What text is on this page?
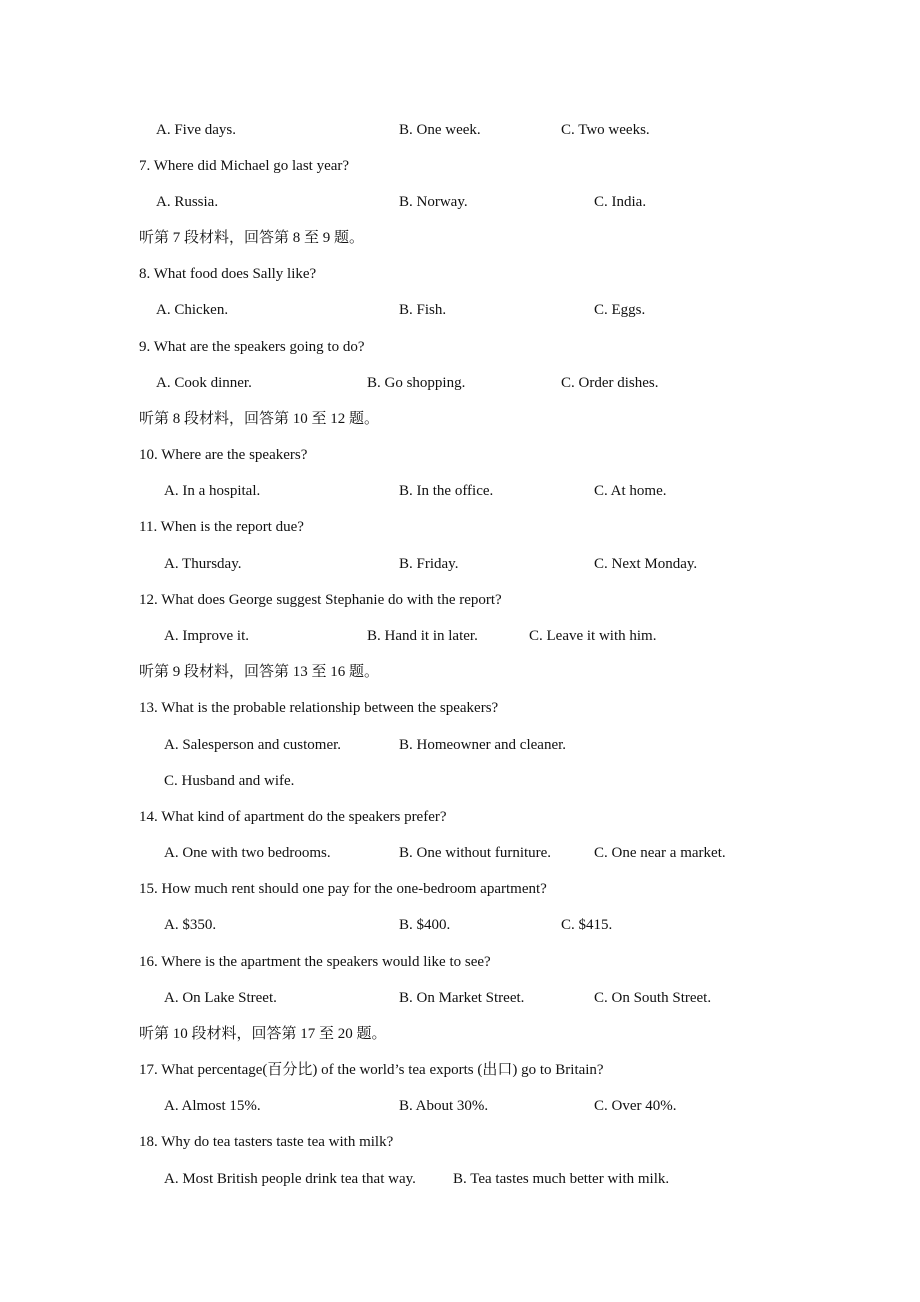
A. Five days.	B. One week.	C. Two weeks.
7. Where did Michael go last year?
A. Russia.	B. Norway.	C. India.
听第 7 段材料，回答第 8 至 9 题。
8. What food does Sally like?
A. Chicken.	B. Fish.	C. Eggs.
9. What are the speakers going to do?
A. Cook dinner.	B. Go shopping.	C. Order dishes.
听第 8 段材料，回答第 10 至 12 题。
10. Where are the speakers?
A. In a hospital.	B. In the office.	C. At home.
11. When is the report due?
A. Thursday.	B. Friday.	C. Next Monday.
12. What does George suggest Stephanie do with the report?
A. Improve it.	B. Hand it in later.	C. Leave it with him.
听第 9 段材料，回答第 13 至 16 题。
13. What is the probable relationship between the speakers?
A. Salesperson and customer.	B. Homeowner and cleaner.
C. Husband and wife.
14. What kind of apartment do the speakers prefer?
A. One with two bedrooms.	B. One without furniture.	C. One near a market.
15. How much rent should one pay for the one-bedroom apartment?
A. $350.	B. $400.	C. $415.
16. Where is the apartment the speakers would like to see?
A. On Lake Street.	B. On Market Street.	C. On South Street.
听第 10 段材料，回答第 17 至 20 题。
17. What percentage(百分比) of the world’s tea exports (出口) go to Britain?
A. Almost 15%.	B. About 30%.	C. Over 40%.
18. Why do tea tasters taste tea with milk?
A. Most British people drink tea that way. B. Tea tastes much better with milk.
